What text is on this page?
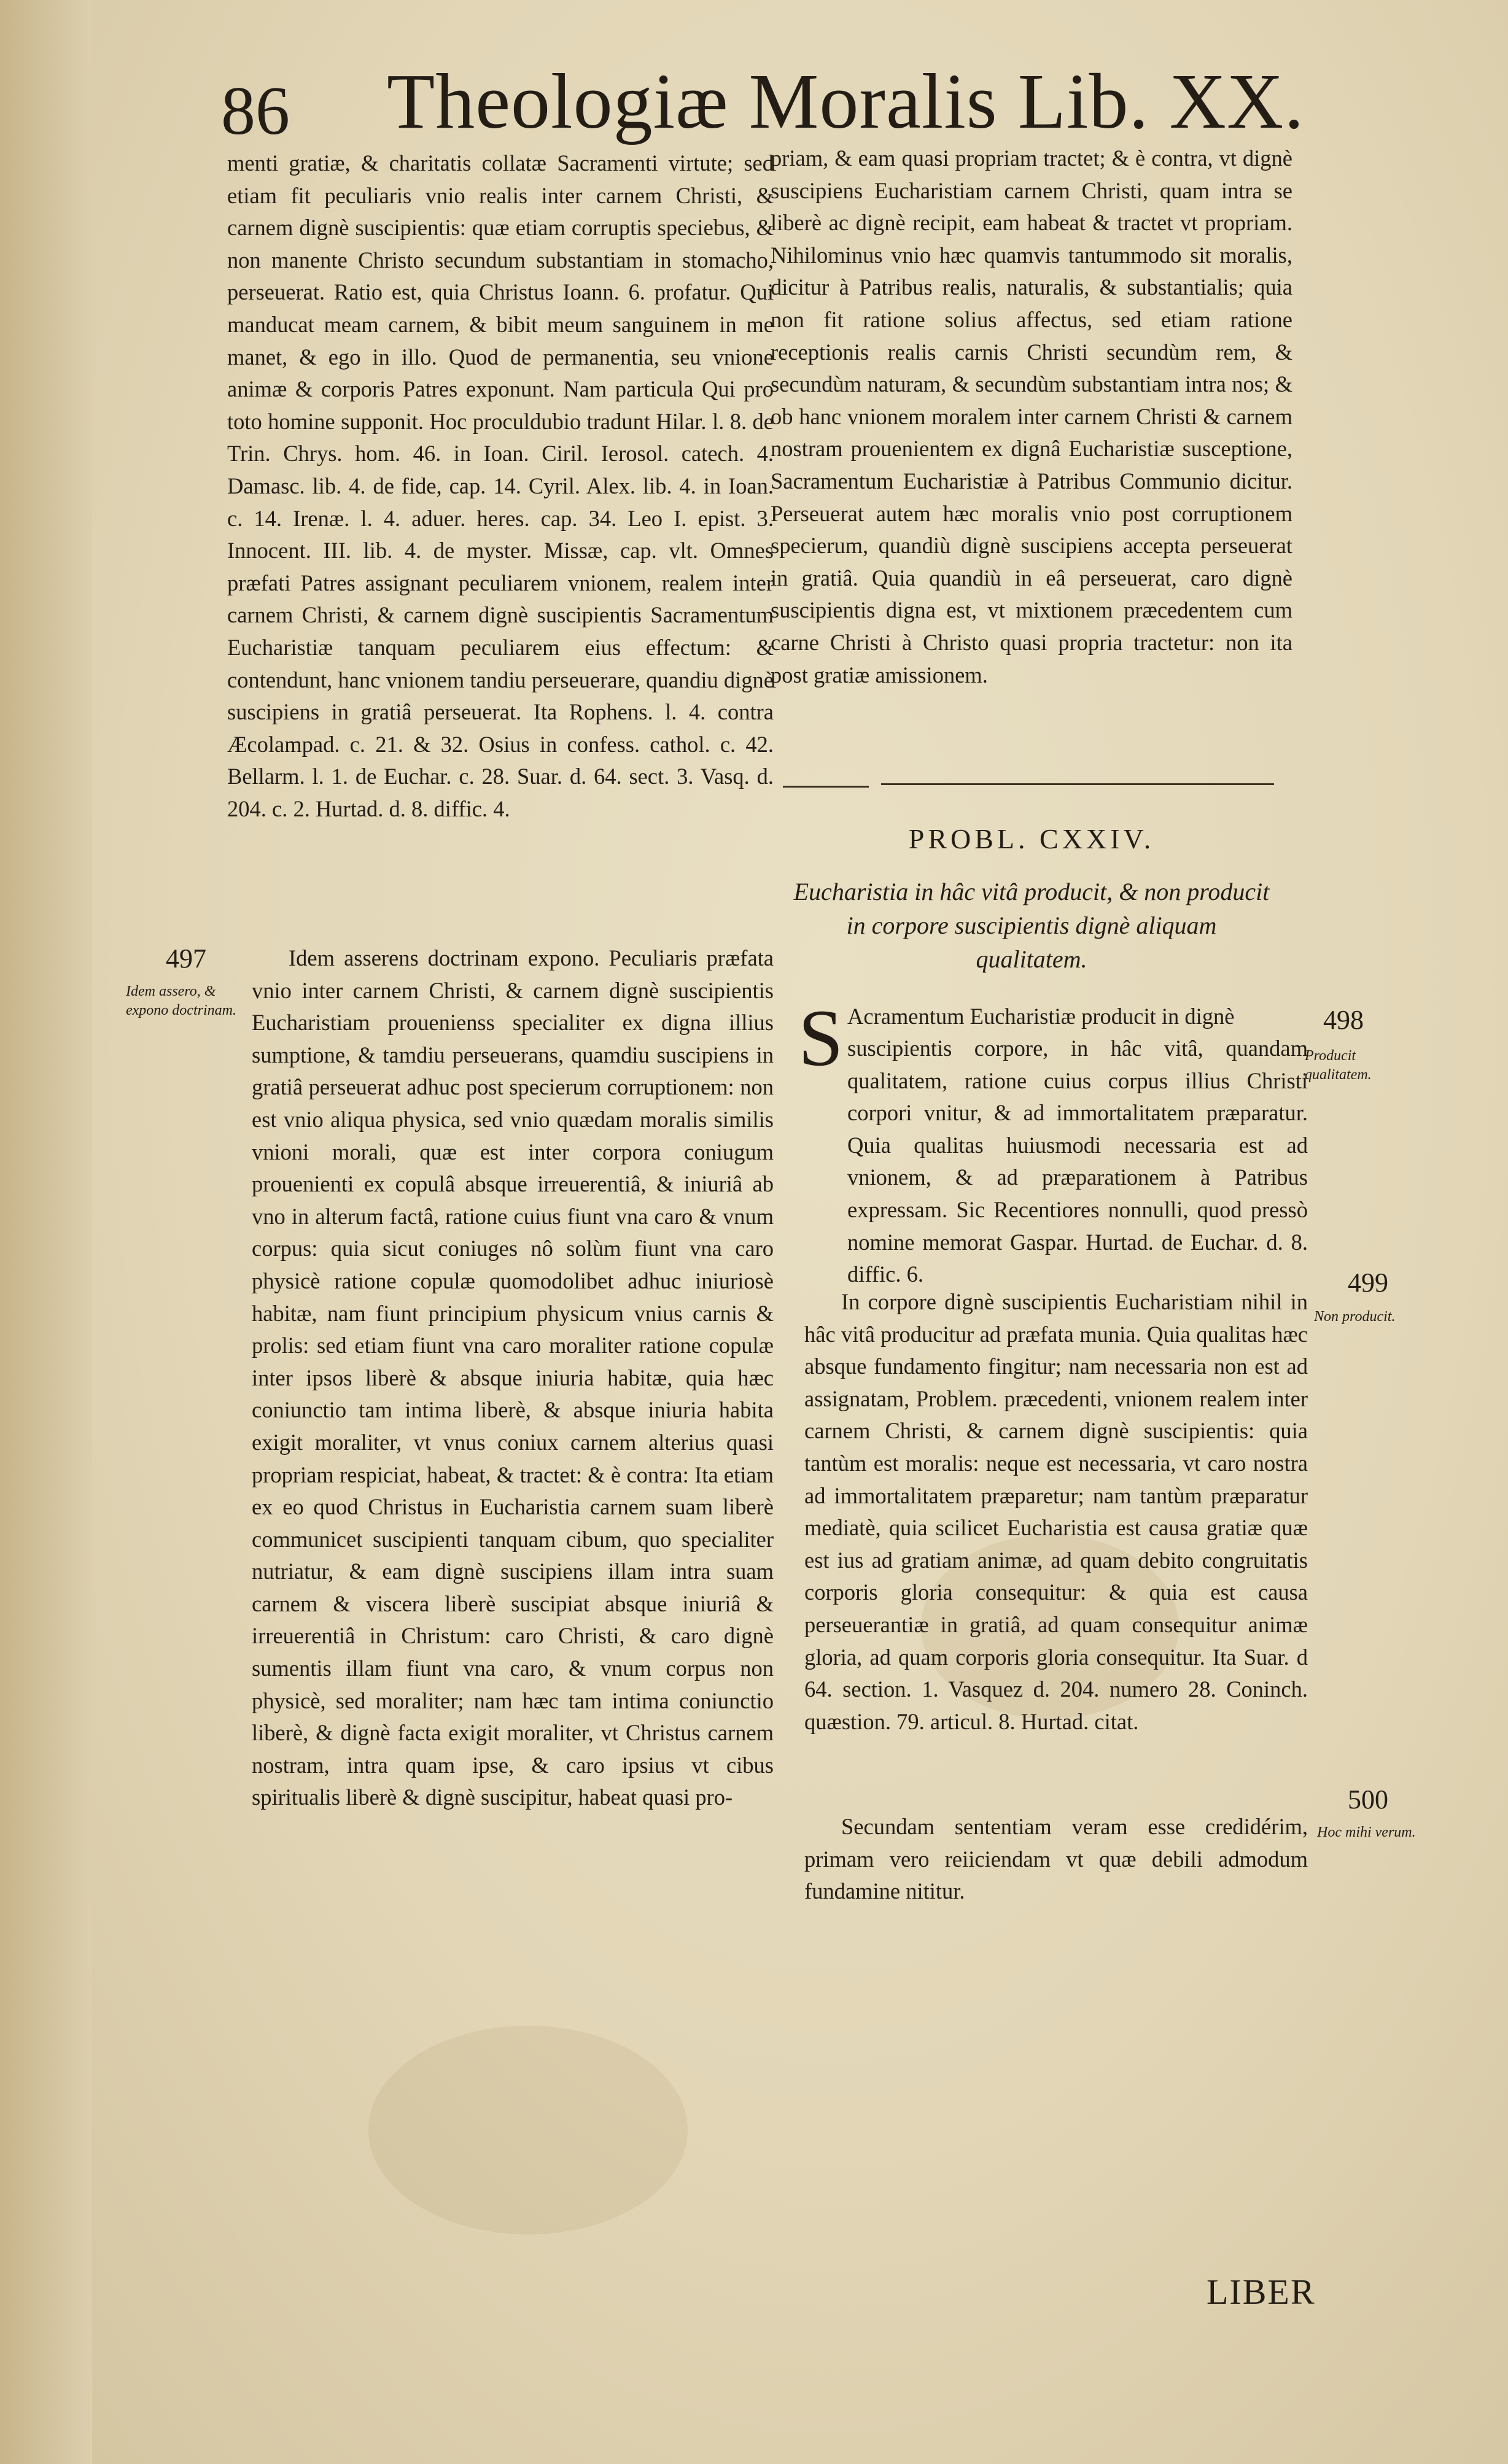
86 Theologiæ Moralis Lib. XX.

menti gratiæ, & charitatis collatæ Sacramenti virtute; sed etiam fit peculiaris vnio realis inter carnem Christi, & carnem dignè suscipientis: quæ etiam corruptis speciebus, & non manente Christo secundum substantiam in stomacho, perseuerat. Ratio est, quia Christus Ioann. 6. profatur. Qui manducat meam carnem, & bibit meum sanguinem in me manet, & ego in illo. Quod de permanentia, seu vnione animæ & corporis Patres exponunt. Nam particula Qui pro toto homine supponit. Hoc proculdubio tradunt Hilar. l. 8. de Trin. Chrys. hom. 46. in Ioan. Ciril. Ierosol. catech. 4. Damasc. lib. 4. de fide, cap. 14. Cyril. Alex. lib. 4. in Ioan. c. 14. Irenæ. l. 4. aduer. heres. cap. 34. Leo I. epist. 3. Innocent. III. lib. 4. de myster. Missæ, cap. vlt. Omnes præfati Patres assignant peculiarem vnionem, realem inter carnem Christi, & carnem dignè suscipientis Sacramentum Eucharistiæ tanquam peculiarem eius effectum: & contendunt, hanc vnionem tandiu perseuerare, quandiu dignè suscipiens in gratiâ perseuerat. Ita Rophens. l. 4. contra Æcolampad. c. 21. & 32. Osius in confess. cathol. c. 42. Bellarm. l. 1. de Euchar. c. 28. Suar. d. 64. sect. 3. Vasq. d. 204. c. 2. Hurtad. d. 8. diffic. 4.

497
Idem assero, & expono doctrinam.

Idem asserens doctrinam expono. Peculiaris præfata vnio inter carnem Christi, & carnem dignè suscipientis Eucharistiam prouenienss specialiter ex digna illius sumptione, & tamdiu perseuerans, quamdiu suscipiens in gratiâ perseuerat adhuc post specierum corruptionem: non est vnio aliqua physica, sed vnio quædam moralis similis vnioni morali, quæ est inter corpora coniugum prouenienti ex copulâ absque irreuerentiâ, & iniuriâ ab vno in alterum factâ, ratione cuius fiunt vna caro & vnum corpus: quia sicut coniuges nô solùm fiunt vna caro physicè ratione copulæ quomodolibet adhuc iniuriosè habitæ, nam fiunt principium physicum vnius carnis & prolis: sed etiam fiunt vna caro moraliter ratione copulæ inter ipsos liberè & absque iniuria habitæ, quia hæc coniunctio tam intima liberè, & absque iniuria habita exigit moraliter, vt vnus coniux carnem alterius quasi propriam respiciat, habeat, & tractet: & è contra: Ita etiam ex eo quod Christus in Eucharistia carnem suam liberè communicet suscipienti tanquam cibum, quo specialiter nutriatur, & eam dignè suscipiens illam intra suam carnem & viscera liberè suscipiat absque iniuriâ & irreuerentiâ in Christum: caro Christi, & caro dignè sumentis illam fiunt vna caro, & vnum corpus non physicè, sed moraliter; nam hæc tam intima coniunctio liberè, & dignè facta exigit moraliter, vt Christus carnem nostram, intra quam ipse, & caro ipsius vt cibus spiritualis liberè & dignè suscipitur, habeat quasi pro-

priam, & eam quasi propriam tractet; & è contra, vt dignè suscipiens Eucharistiam carnem Christi, quam intra se liberè ac dignè recipit, eam habeat & tractet vt propriam. Nihilominus vnio hæc quamvis tantummodo sit moralis, dicitur à Patribus realis, naturalis, & substantialis; quia non fit ratione solius affectus, sed etiam ratione receptionis realis carnis Christi secundùm rem, & secundùm naturam, & secundùm substantiam intra nos; & ob hanc vnionem moralem inter carnem Christi & carnem nostram prouenientem ex dignâ Eucharistiæ susceptione, Sacramentum Eucharistiæ à Patribus Communio dicitur. Perseuerat autem hæc moralis vnio post corruptionem specierum, quandiù dignè suscipiens accepta perseuerat in gratiâ. Quia quandiù in eâ perseuerat, caro dignè suscipientis digna est, vt mixtionem præcedentem cum carne Christi à Christo quasi propria tractetur: non ita post gratiæ amissionem.

PROBL. CXXIV.
Eucharistia in hâc vitâ producit, & non producit in corpore suscipientis dignè aliquam qualitatem.
S Acramentum Eucharistiæ producit in dignè

suscipientis corpore, in hâc vitâ, quandam qualitatem, ratione cuius corpus illius Christi corpori vnitur, & ad immortalitatem præparatur. Quia qualitas huiusmodi necessaria est ad vnionem, & ad præparationem à Patribus expressam. Sic Recentiores nonnulli, quod pressò nomine memorat Gaspar. Hurtad. de Euchar. d. 8. diffic. 6.

498
Producit qualitatem.

In corpore dignè suscipientis Eucharistiam nihil in hâc vitâ producitur ad præfata munia. Quia qualitas hæc absque fundamento fingitur; nam necessaria non est ad assignatam, Problem. præcedenti, vnionem realem inter carnem Christi, & carnem dignè suscipientis: quia tantùm est moralis: neque est necessaria, vt caro nostra ad immortalitatem præparetur; nam tantùm præparatur mediatè, quia scilicet Eucharistia est causa gratiæ quæ est ius ad gratiam animæ, ad quam debito congruitatis corporis gloria consequitur: & quia est causa perseuerantiæ in gratiâ, ad quam consequitur animæ gloria, ad quam corporis gloria consequitur. Ita Suar. d 64. section. 1. Vasquez d. 204. numero 28. Coninch. quæstion. 79. articul. 8. Hurtad. citat.

499
Non producit.

Secundam sententiam veram esse credidérim, primam vero reiiciendam vt quæ debili admodum fundamine nititur.

500
Hoc mihi verum.
LIBER
